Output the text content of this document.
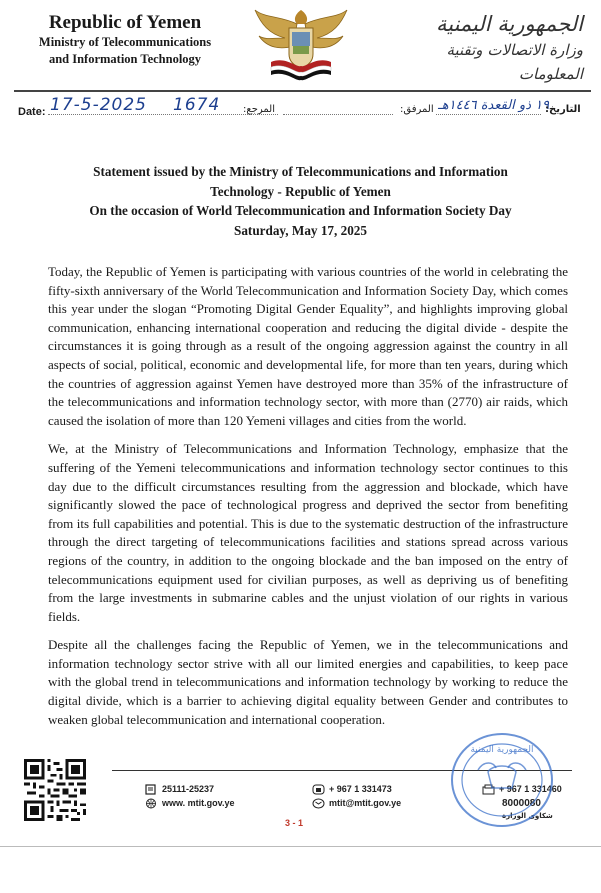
Republic of Yemen
Ministry of Telecommunications
and Information Technology
الجمهورية اليمنية
وزارة الاتصالات وتقنية المعلومات
Date: 17-5-2025 1674 المرجع:	المرفق: ١٩ ذو القعدة ١٤٤٦هـ
التاريخ:
Statement issued by the Ministry of Telecommunications and Information
Technology - Republic of Yemen
On the occasion of World Telecommunication and Information Society Day
Saturday, May 17, 2025

Today, the Republic of Yemen is participating with various countries of the world in celebrating the fifty-sixth anniversary of the World Telecommunication and Information Society Day, which comes this year under the slogan “Promoting Digital Gender Equality”, and highlights improving global communication, enhancing international cooperation and reducing the digital divide - despite the circumstances it is going through as a result of the ongoing aggression against the country in all aspects of social, political, economic and developmental life, for more than ten years, during which the countries of aggression against Yemen have destroyed more than 35% of the infrastructure of the telecommunications and information technology sector, with more than (2770) air raids, which caused the isolation of more than 120 Yemeni villages and cities from the world.

We, at the Ministry of Telecommunications and Information Technology, emphasize that the suffering of the Yemeni telecommunications and information technology sector continues to this day due to the difficult circumstances resulting from the aggression and blockade, which have significantly slowed the pace of technological progress and deprived the sector from benefiting from its full capabilities and potential. This is due to the systematic destruction of the infrastructure through the direct targeting of telecommunications facilities and stations spread across various regions of the country, in addition to the ongoing blockade and the ban imposed on the entry of telecommunications equipment used for civilian purposes, as well as depriving us of benefiting from the large investments in submarine cables and the unjust violation of our rights in various fields.

Despite all the challenges facing the Republic of Yemen, we in the telecommunications and information technology sector strive with all our limited energies and capabilities, to keep pace with the global trend in telecommunications and information technology by working to reduce the digital divide, which is a barrier to achieving digital equality between Gender and contributes to weaken global telecommunication and international cooperation.

25111-25237
www. mtit.gov.ye
+ 967 1 331473
mtit@mtit.gov.ye
+ 967 1 331460
8000080
شكاوى الوزارة
الجمهورية اليمنية
3 - 1
